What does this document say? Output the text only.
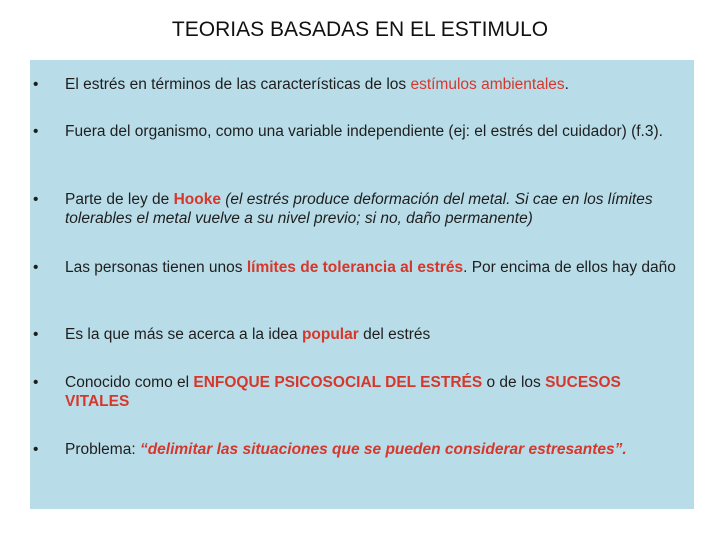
TEORIAS BASADAS EN EL ESTIMULO
• El estrés en términos de las características de los estímulos ambientales.
• Fuera del organismo, como una variable independiente (ej: el estrés del cuidador) (f.3).
• Parte de ley de Hooke (el estrés produce deformación del metal. Si cae en los límites tolerables el metal vuelve a su nivel previo; si no, daño permanente)
• Las personas tienen unos límites de tolerancia al estrés. Por encima de ellos hay daño
• Es la que más se acerca a la idea popular del estrés
• Conocido como el ENFOQUE PSICOSOCIAL DEL ESTRÉS o de los SUCESOS VITALES
• Problema: “delimitar las situaciones que se pueden considerar estresantes”.
